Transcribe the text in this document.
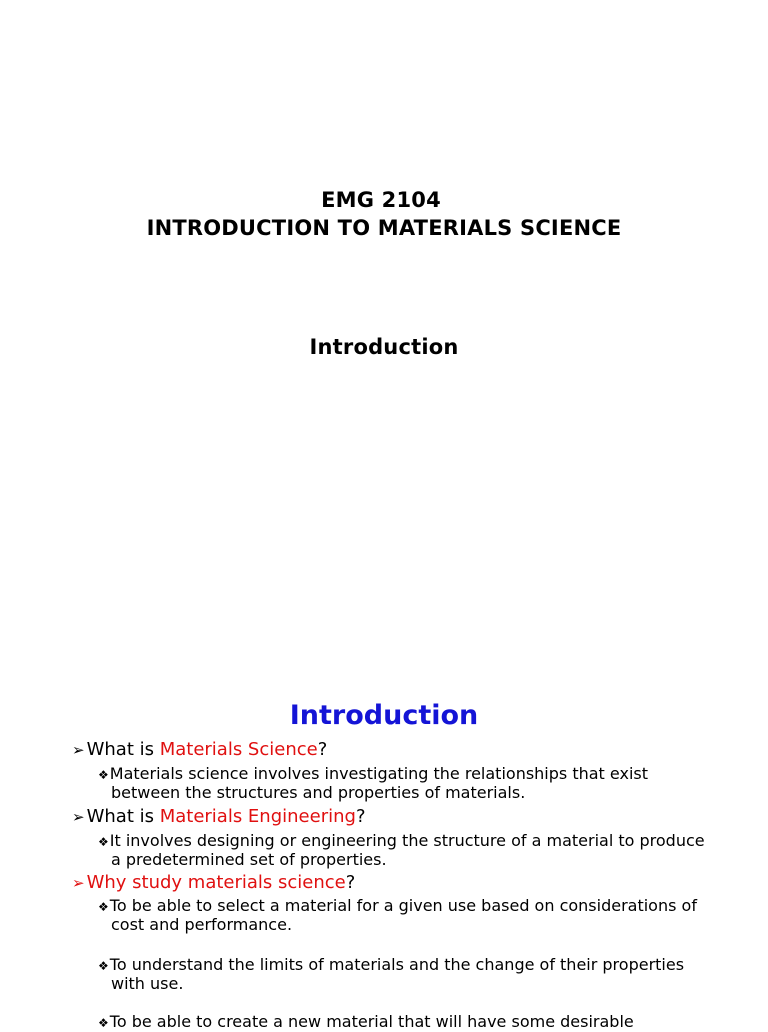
EMG 2104
INTRODUCTION TO MATERIALS SCIENCE
Introduction
Introduction
➢ What is Materials Science?
❖Materials science involves investigating the relationships that exist
between the structures and properties of materials.
➢ What is Materials Engineering?
❖It involves designing or engineering the structure of a material to produce
a predetermined set of properties.
➢ Why study materials science?
❖To be able to select a material for a given use based on considerations of
cost and performance.
❖To understand the limits of materials and the change of their properties
with use.
❖To be able to create a new material that will have some desirable
